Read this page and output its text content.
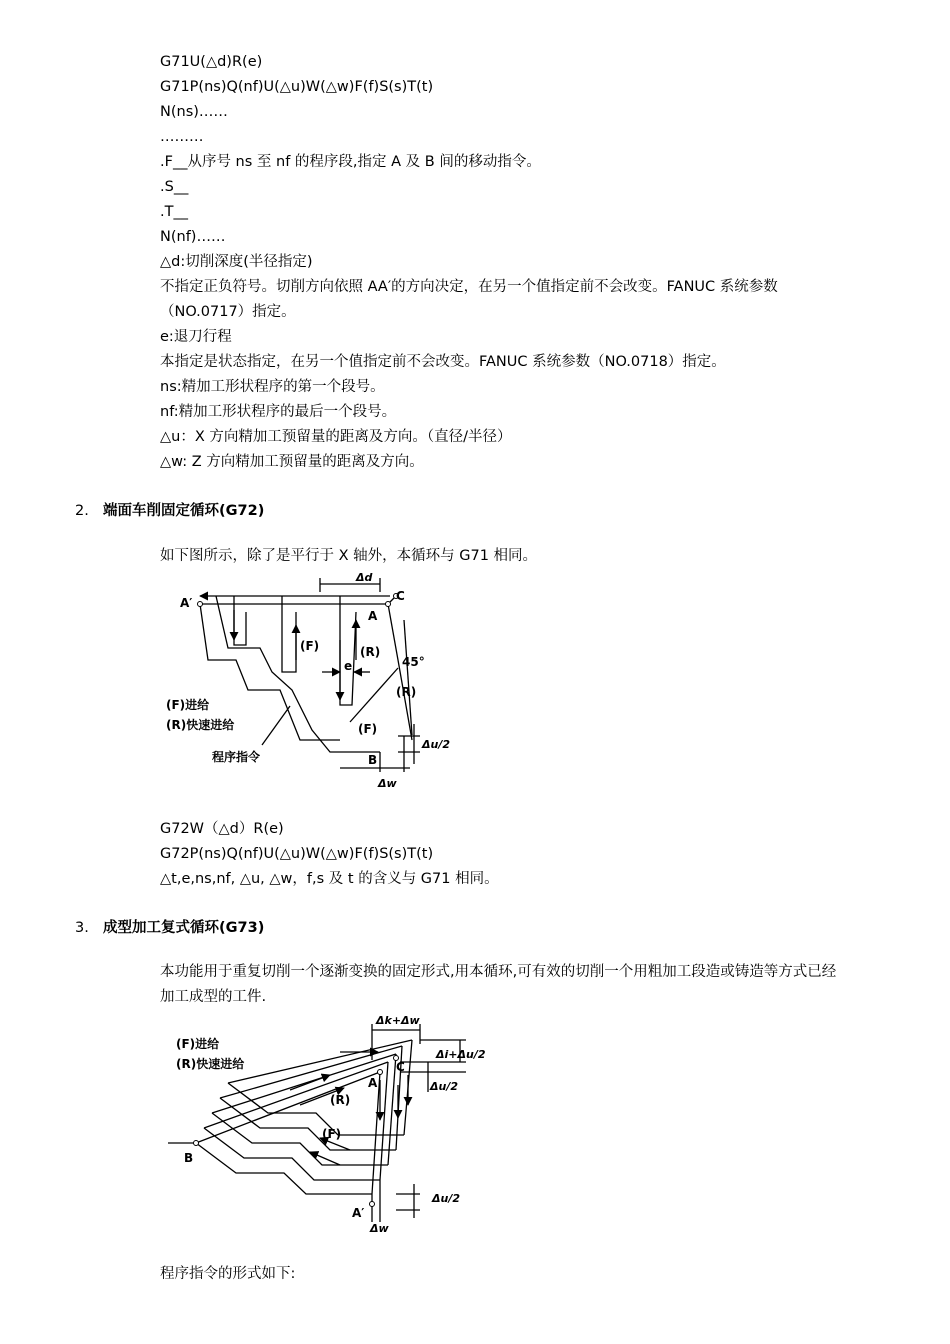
G71U(△d)R(e)
G71P(ns)Q(nf)U(△u)W(△w)F(f)S(s)T(t)
N(ns)……
………
.F__从序号 ns 至 nf 的程序段,指定 A 及 B 间的移动指令。
.S__
.T__
N(nf)……
△d:切削深度(半径指定)
不指定正负符号。切削方向依照 AA′的方向决定，在另一个值指定前不会改变。FANUC 系统参数
（NO.0717）指定。
e:退刀行程
本指定是状态指定，在另一个值指定前不会改变。FANUC 系统参数（NO.0718）指定。
ns:精加工形状程序的第一个段号。
nf:精加工形状程序的最后一个段号。
△u：X 方向精加工预留量的距离及方向。（直径/半径）
△w: Z 方向精加工预留量的距离及方向。
2. 端面车削固定循环(G72)
如下图所示，除了是平行于 X 轴外，本循环与 G71 相同。
A′	C
A
Δd
(F)	(R)
e	45°
(R)
(F)
Δu/2
B
Δw
(F)进给
(R)快速进给
程序指令
G72W（△d）R(e)
G72P(ns)Q(nf)U(△u)W(△w)F(f)S(s)T(t)
△t,e,ns,nf, △u, △w，f,s 及 t 的含义与 G71 相同。
3. 成型加工复式循环(G73)
本功能用于重复切削一个逐渐变换的固定形式,用本循环,可有效的切削一个用粗加工段造或铸造等方式已经加工成型的工件.
(F)进给
(R)快速进给
Δk+Δw
Δi+Δu/2
Δu/2
A
C
(R)
(F)
B
Δu/2
A′
Δw
程序指令的形式如下:
